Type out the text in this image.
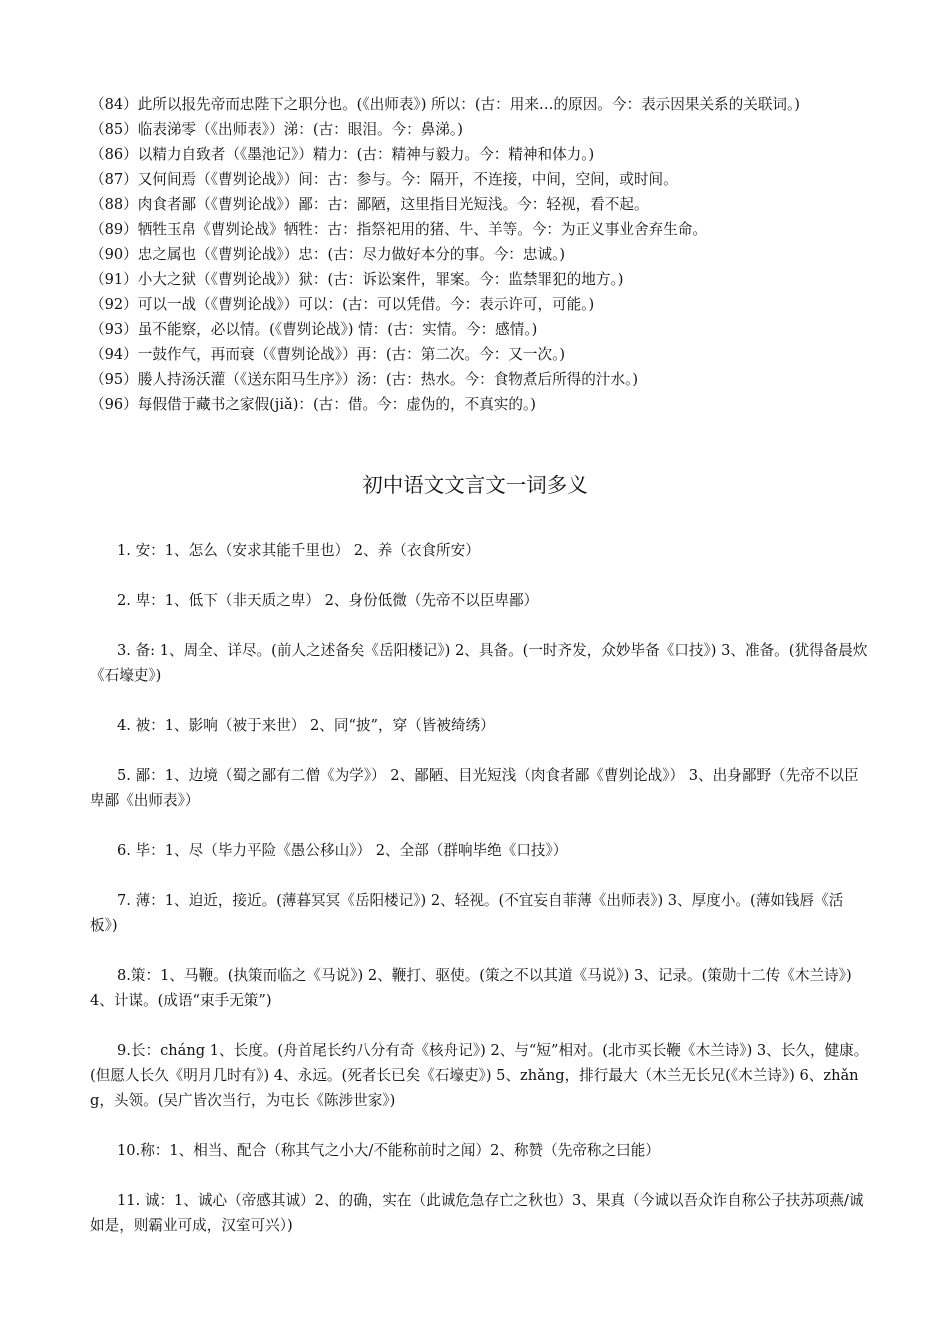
（84）此所以报先帝而忠陛下之职分也。(《出师表》) 所以：(古：用来…的原因。今：表示因果关系的关联词。)

（85）临表涕零（《出师表》）涕：(古：眼泪。今：鼻涕。)

（86）以精力自致者（《墨池记》）精力：(古：精神与毅力。今：精神和体力。)

（87）又何间焉（《曹刿论战》）间：古：参与。今：隔开，不连接，中间，空间，或时间。

（88）肉食者鄙（《曹刿论战》）鄙：古：鄙陋，这里指目光短浅。今：轻视，看不起。

（89）牺牲玉帛《曹刿论战》牺牲：古：指祭祀用的猪、牛、羊等。今：为正义事业舍弃生命。

（90）忠之属也（《曹刿论战》）忠：(古：尽力做好本分的事。今：忠诚。)

（91）小大之狱（《曹刿论战》）狱：(古：诉讼案件，罪案。今：监禁罪犯的地方。)

（92）可以一战（《曹刿论战》）可以：(古：可以凭借。今：表示许可，可能。)

（93）虽不能察，必以情。(《曹刿论战》) 情：(古：实情。今：感情。)

（94）一鼓作气，再而衰（《曹刿论战》）再：(古：第二次。今：又一次。)

（95）媵人持汤沃灌（《送东阳马生序》）汤：(古：热水。今：食物煮后所得的汁水。)

（96）每假借于藏书之家假(jiǎ)：(古：借。今：虚伪的，不真实的。)

初中语文文言文一词多义

1. 安：1、怎么（安求其能千里也） 2、养（衣食所安）

2. 卑：1、低下（非天质之卑） 2、身份低微（先帝不以臣卑鄙）

3. 备: 1、周全、详尽。(前人之述备矣《岳阳楼记》) 2、具备。(一时齐发，众妙毕备《口技》) 3、准备。(犹得备晨炊《石壕吏》)

4. 被：1、影响（被于来世） 2、同“披”，穿（皆被绮绣）

5. 鄙：1、边境（蜀之鄙有二僧《为学》） 2、鄙陋、目光短浅（肉食者鄙《曹刿论战》） 3、出身鄙野（先帝不以臣卑鄙《出师表》）

6. 毕：1、尽（毕力平险《愚公移山》） 2、全部（群响毕绝《口技》）

7. 薄：1、迫近，接近。(薄暮冥冥《岳阳楼记》) 2、轻视。(不宜妄自菲薄《出师表》) 3、厚度小。(薄如钱唇《活板》)

8.策：1、马鞭。(执策而临之《马说》) 2、鞭打、驱使。(策之不以其道《马说》) 3、记录。(策勋十二传《木兰诗》) 4、计谋。(成语“束手无策”)

9.长：cháng 1、长度。(舟首尾长约八分有奇《核舟记》) 2、与“短”相对。(北市买长鞭《木兰诗》) 3、长久，健康。(但愿人长久《明月几时有》) 4、永远。(死者长已矣《石壕吏》) 5、zhǎng，排行最大（木兰无长兄(《木兰诗》) 6、zhǎng，头领。(吴广皆次当行，为屯长《陈涉世家》)

10.称：1、相当、配合（称其气之小大/不能称前时之闻）2、称赞（先帝称之曰能）

11. 诚：1、诚心（帝感其诚）2、的确，实在（此诚危急存亡之秋也）3、果真（今诚以吾众诈自称公子扶苏项燕/诚如是，则霸业可成，汉室可兴）)
